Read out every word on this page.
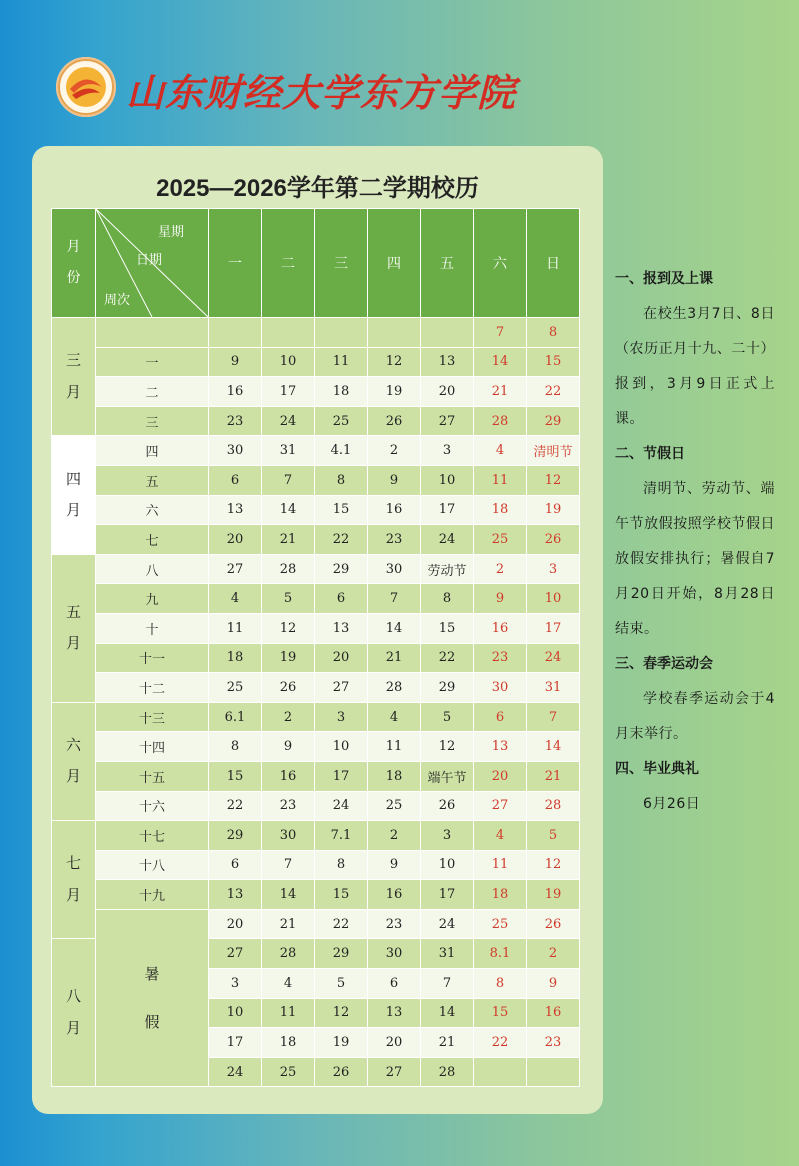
山东财经大学东方学院
2025—2026学年第二学期校历
月份	星期
日期
周次	一	二	三	四	五	六	日
三月							7	8
	一	9	10	11	12	13	14	15
	二	16	17	18	19	20	21	22
	三	23	24	25	26	27	28	29
四月	四	30	31	4.1	2	3	4	清明节
	五	6	7	8	9	10	11	12
	六	13	14	15	16	17	18	19
	七	20	21	22	23	24	25	26
五月	八	27	28	29	30	劳动节	2	3
	九	4	5	6	7	8	9	10
	十	11	12	13	14	15	16	17
	十一	18	19	20	21	22	23	24
	十二	25	26	27	28	29	30	31
六月	十三	6.1	2	3	4	5	6	7
	十四	8	9	10	11	12	13	14
	十五	15	16	17	18	端午节	20	21
	十六	22	23	24	25	26	27	28
七月	十七	29	30	7.1	2	3	4	5
	十八	6	7	8	9	10	11	12
	十九	13	14	15	16	17	18	19
	暑假	20	21	22	23	24	25	26
八月		27	28	29	30	31	8.1	2
		3	4	5	6	7	8	9
		10	11	12	13	14	15	16
		17	18	19	20	21	22	23
		24	25	26	27	28		
一、报到及上课
在校生3月7日、8日（农历正月十九、二十）报到，3月9日正式上课。
二、节假日
清明节、劳动节、端午节放假按照学校节假日放假安排执行；暑假自7月20日开始，8月28日结束。
三、春季运动会
学校春季运动会于4月末举行。
四、毕业典礼
6月26日
